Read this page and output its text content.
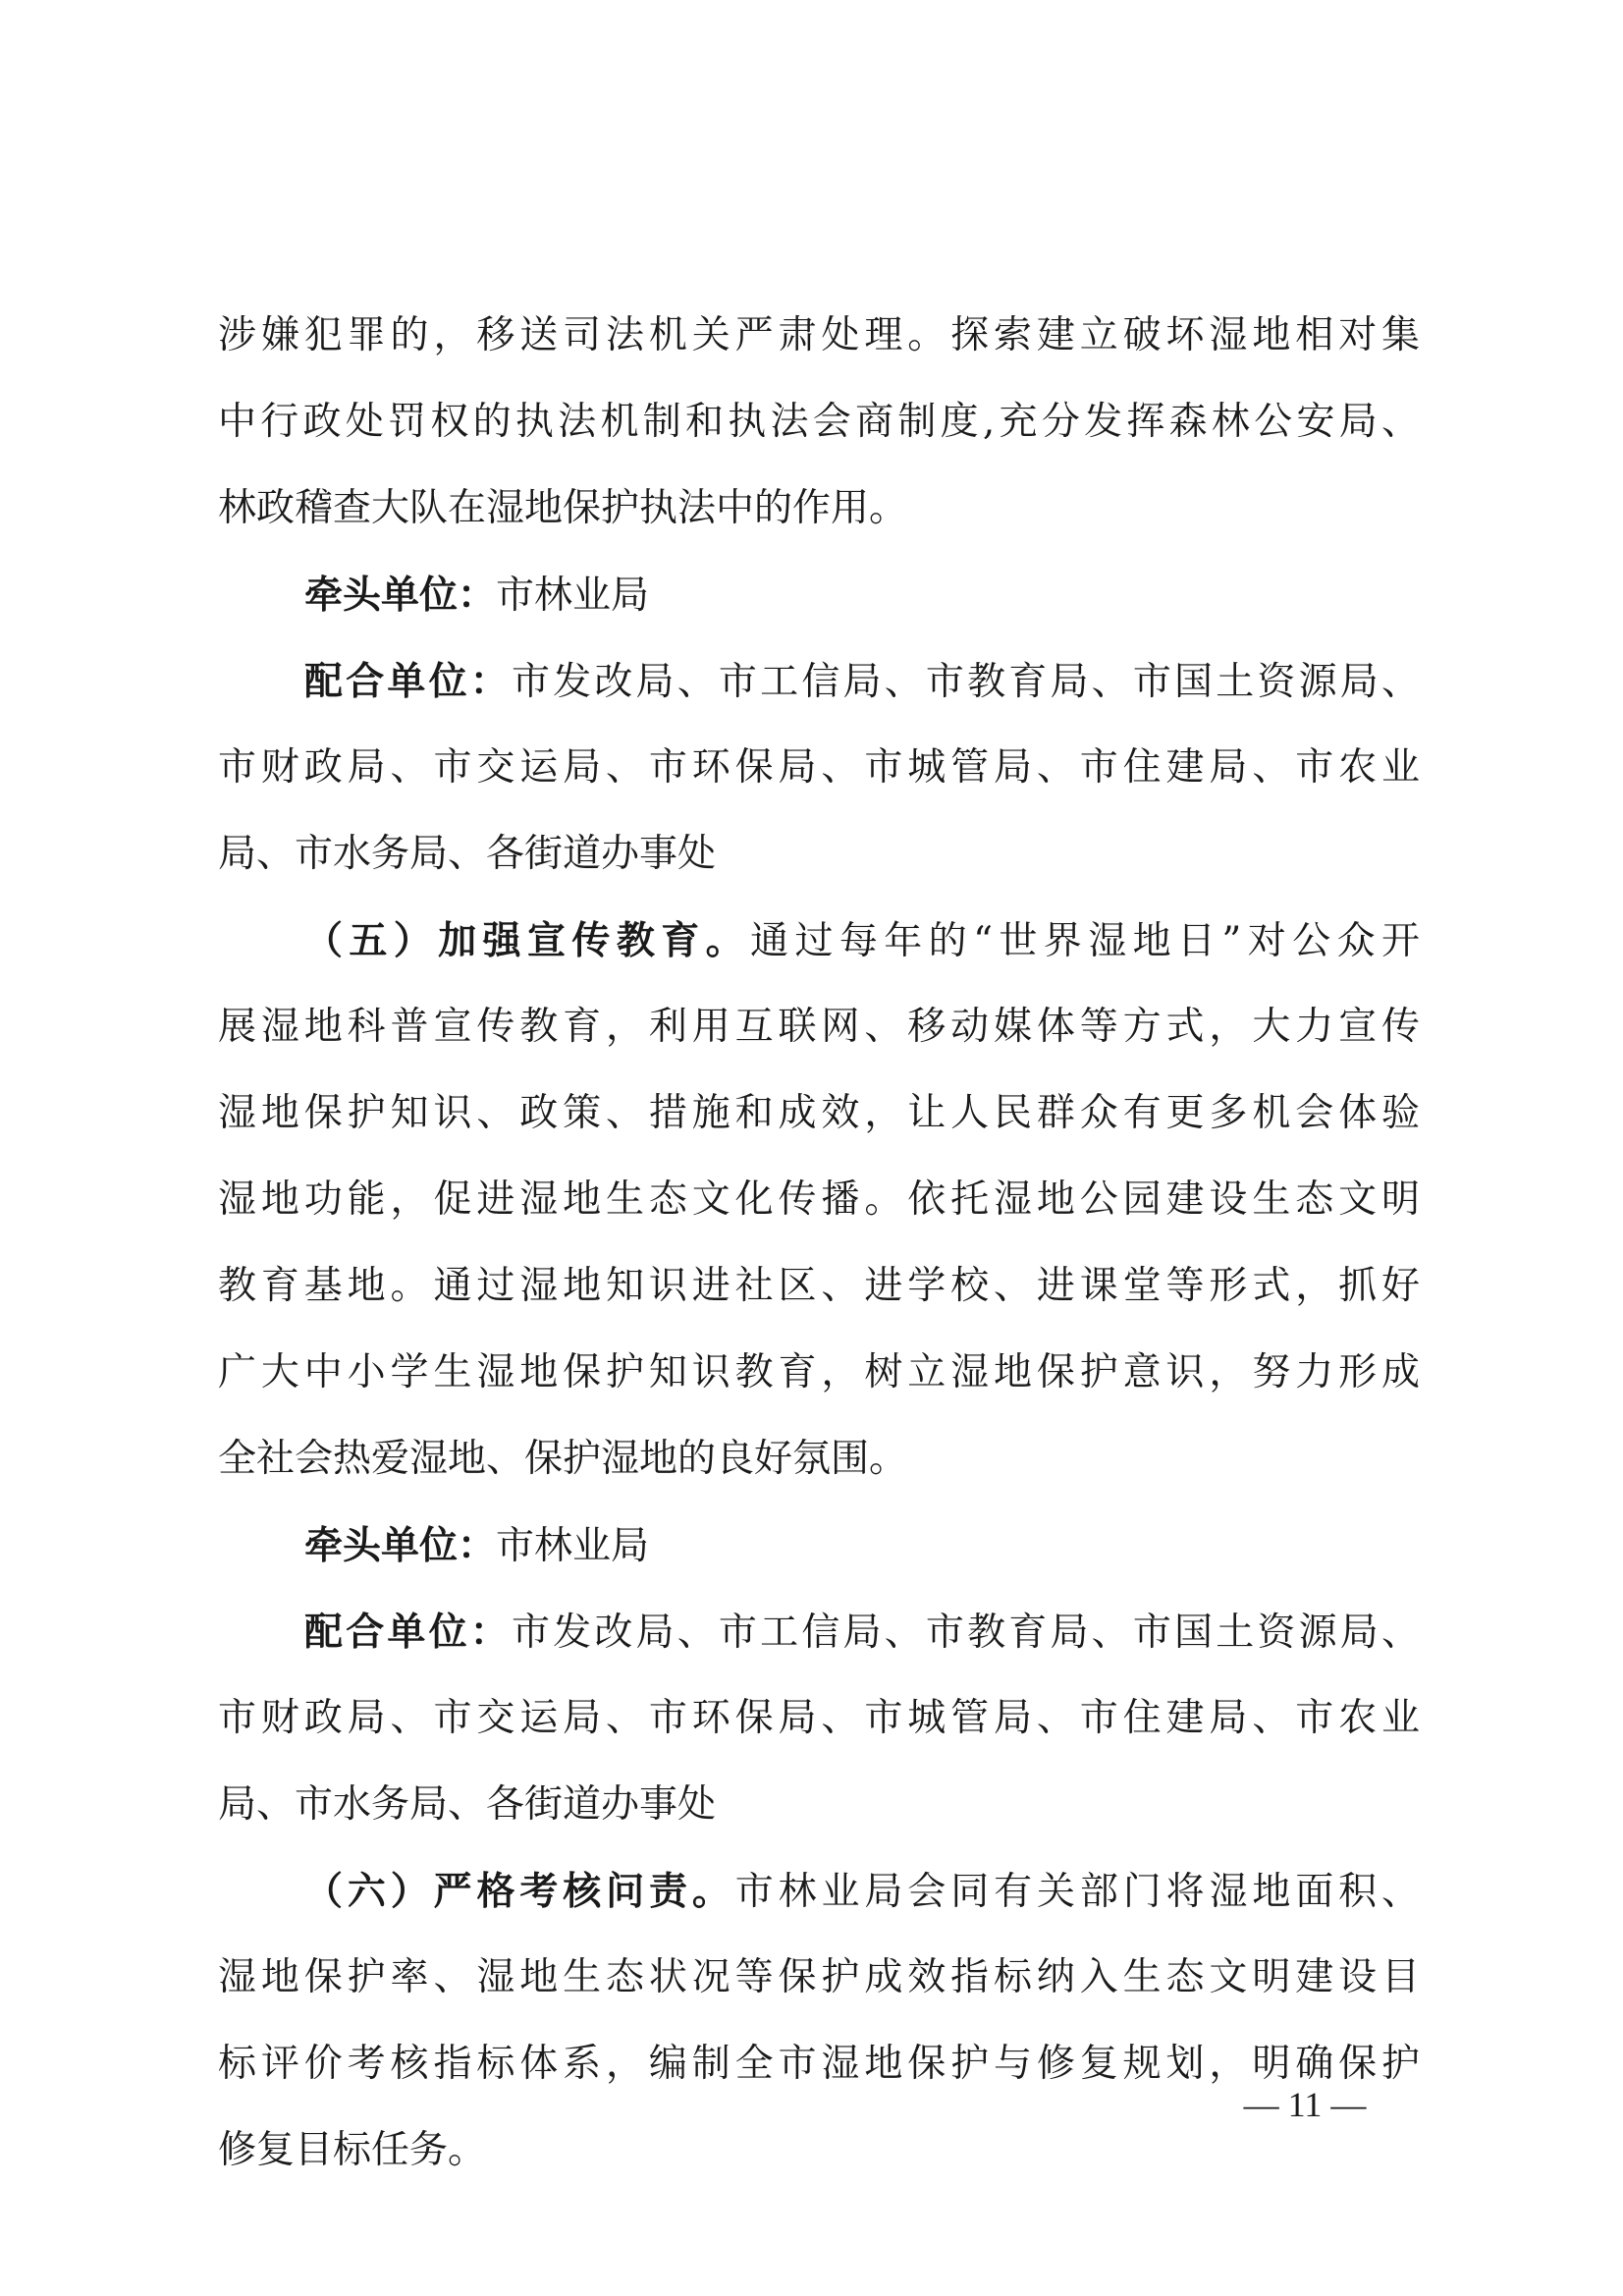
涉嫌犯罪的，移送司法机关严肃处理。探索建立破坏湿地相对集
中行政处罚权的执法机制和执法会商制度,充分发挥森林公安局、
林政稽查大队在湿地保护执法中的作用。
牵头单位：市林业局
配合单位：市发改局、市工信局、市教育局、市国土资源局、
市财政局、市交运局、市环保局、市城管局、市住建局、市农业
局、市水务局、各街道办事处
（五）加强宣传教育。通过每年的“世界湿地日”对公众开
展湿地科普宣传教育，利用互联网、移动媒体等方式，大力宣传
湿地保护知识、政策、措施和成效，让人民群众有更多机会体验
湿地功能，促进湿地生态文化传播。依托湿地公园建设生态文明
教育基地。通过湿地知识进社区、进学校、进课堂等形式，抓好
广大中小学生湿地保护知识教育，树立湿地保护意识，努力形成
全社会热爱湿地、保护湿地的良好氛围。
牵头单位：市林业局
配合单位：市发改局、市工信局、市教育局、市国土资源局、
市财政局、市交运局、市环保局、市城管局、市住建局、市农业
局、市水务局、各街道办事处
（六）严格考核问责。市林业局会同有关部门将湿地面积、
湿地保护率、湿地生态状况等保护成效指标纳入生态文明建设目
标评价考核指标体系，编制全市湿地保护与修复规划，明确保护
修复目标任务。
— 11 —
